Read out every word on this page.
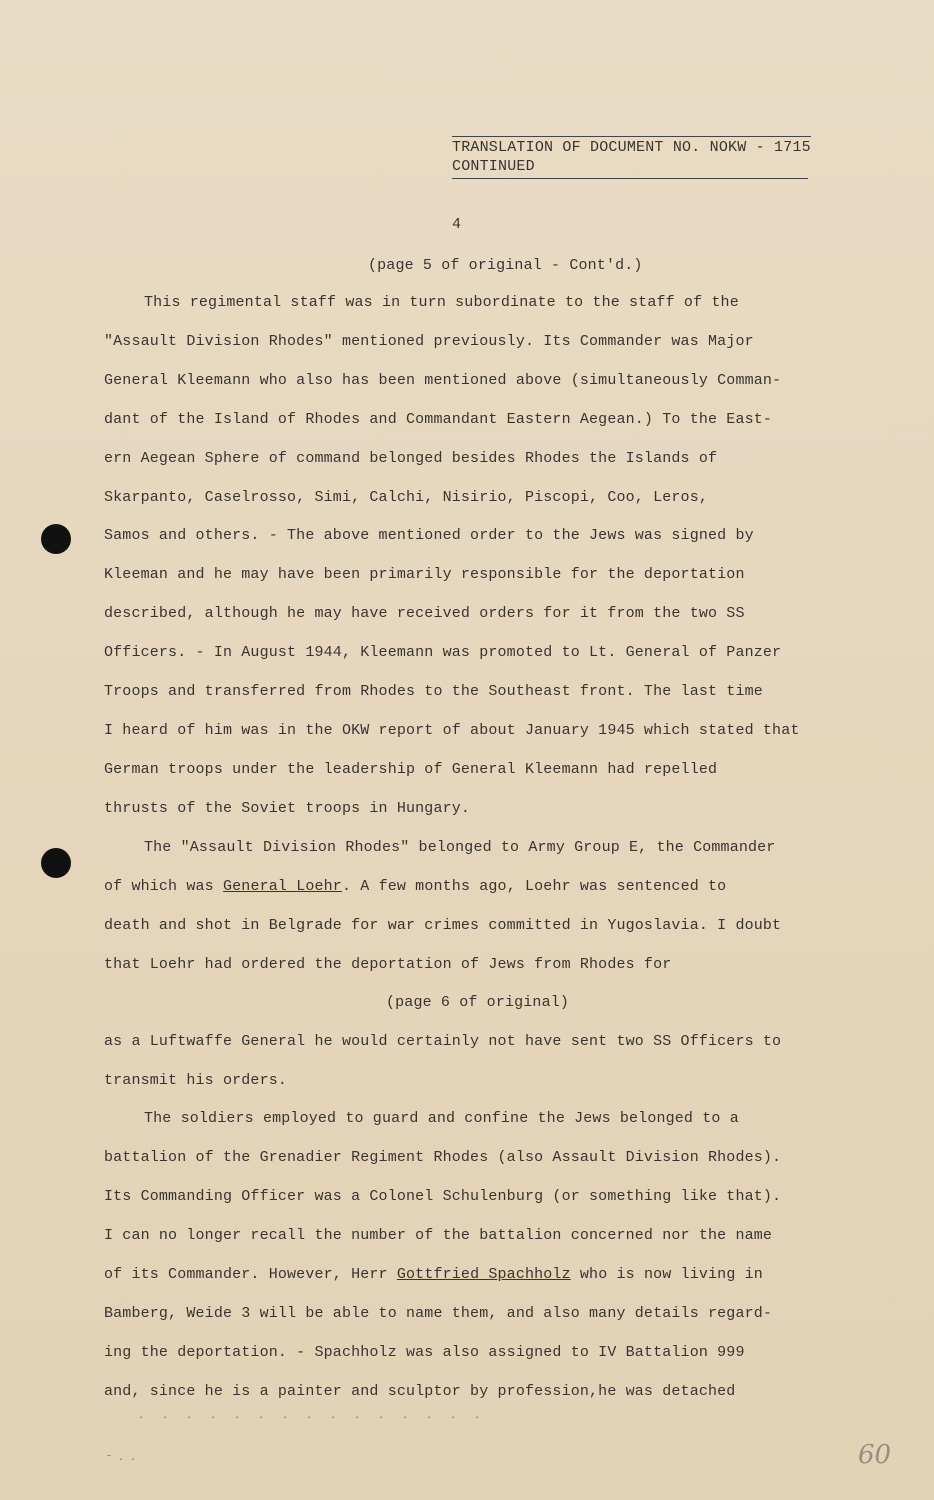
TRANSLATION OF DOCUMENT NO. NOKW - 1715
CONTINUED
4
(page 5 of original - Cont'd.)
This regimental staff was in turn subordinate to the staff of the
"Assault Division Rhodes" mentioned previously. Its Commander was Major
General Kleemann who also has been mentioned above (simultaneously Comman-
dant of the Island of Rhodes and Commandant Eastern Aegean.) To the East-
ern Aegean Sphere of command belonged besides Rhodes the Islands of
Skarpanto, Caselrosso, Simi, Calchi, Nisirio, Piscopi, Coo, Leros,
Samos and others. - The above mentioned order to the Jews was signed by
Kleeman and he may have been primarily responsible for the deportation
described, although he may have received orders for it from the two SS
Officers. - In August 1944, Kleemann was promoted to Lt. General of Panzer
Troops and transferred from Rhodes to the Southeast front. The last time
I heard of him was in the OKW report of about January 1945 which stated that
German troops under the leadership of General Kleemann had repelled
thrusts of the Soviet troops in Hungary.
The "Assault Division Rhodes" belonged to Army Group E, the Commander
of which was General Loehr. A few months ago, Loehr was sentenced to
death and shot in Belgrade for war crimes committed in Yugoslavia. I doubt
that Loehr had ordered the deportation of Jews from Rhodes for
(page 6 of original)
as a Luftwaffe General he would certainly not have sent two SS Officers to
transmit his orders.
The soldiers employed to guard and confine the Jews belonged to a
battalion of the Grenadier Regiment Rhodes (also Assault Division Rhodes).
Its Commanding Officer was a Colonel Schulenburg (or something like that).
I can no longer recall the number of the battalion concerned nor the name
of its Commander. However, Herr Gottfried Spachholz who is now living in
Bamberg, Weide 3 will be able to name them, and also many details regard-
ing the deportation. - Spachholz was also assigned to IV Battalion 999
and, since he is a painter and sculptor by profession,he was detached
· · · · · · · · · · · · · · ·
˜ · ·	60
